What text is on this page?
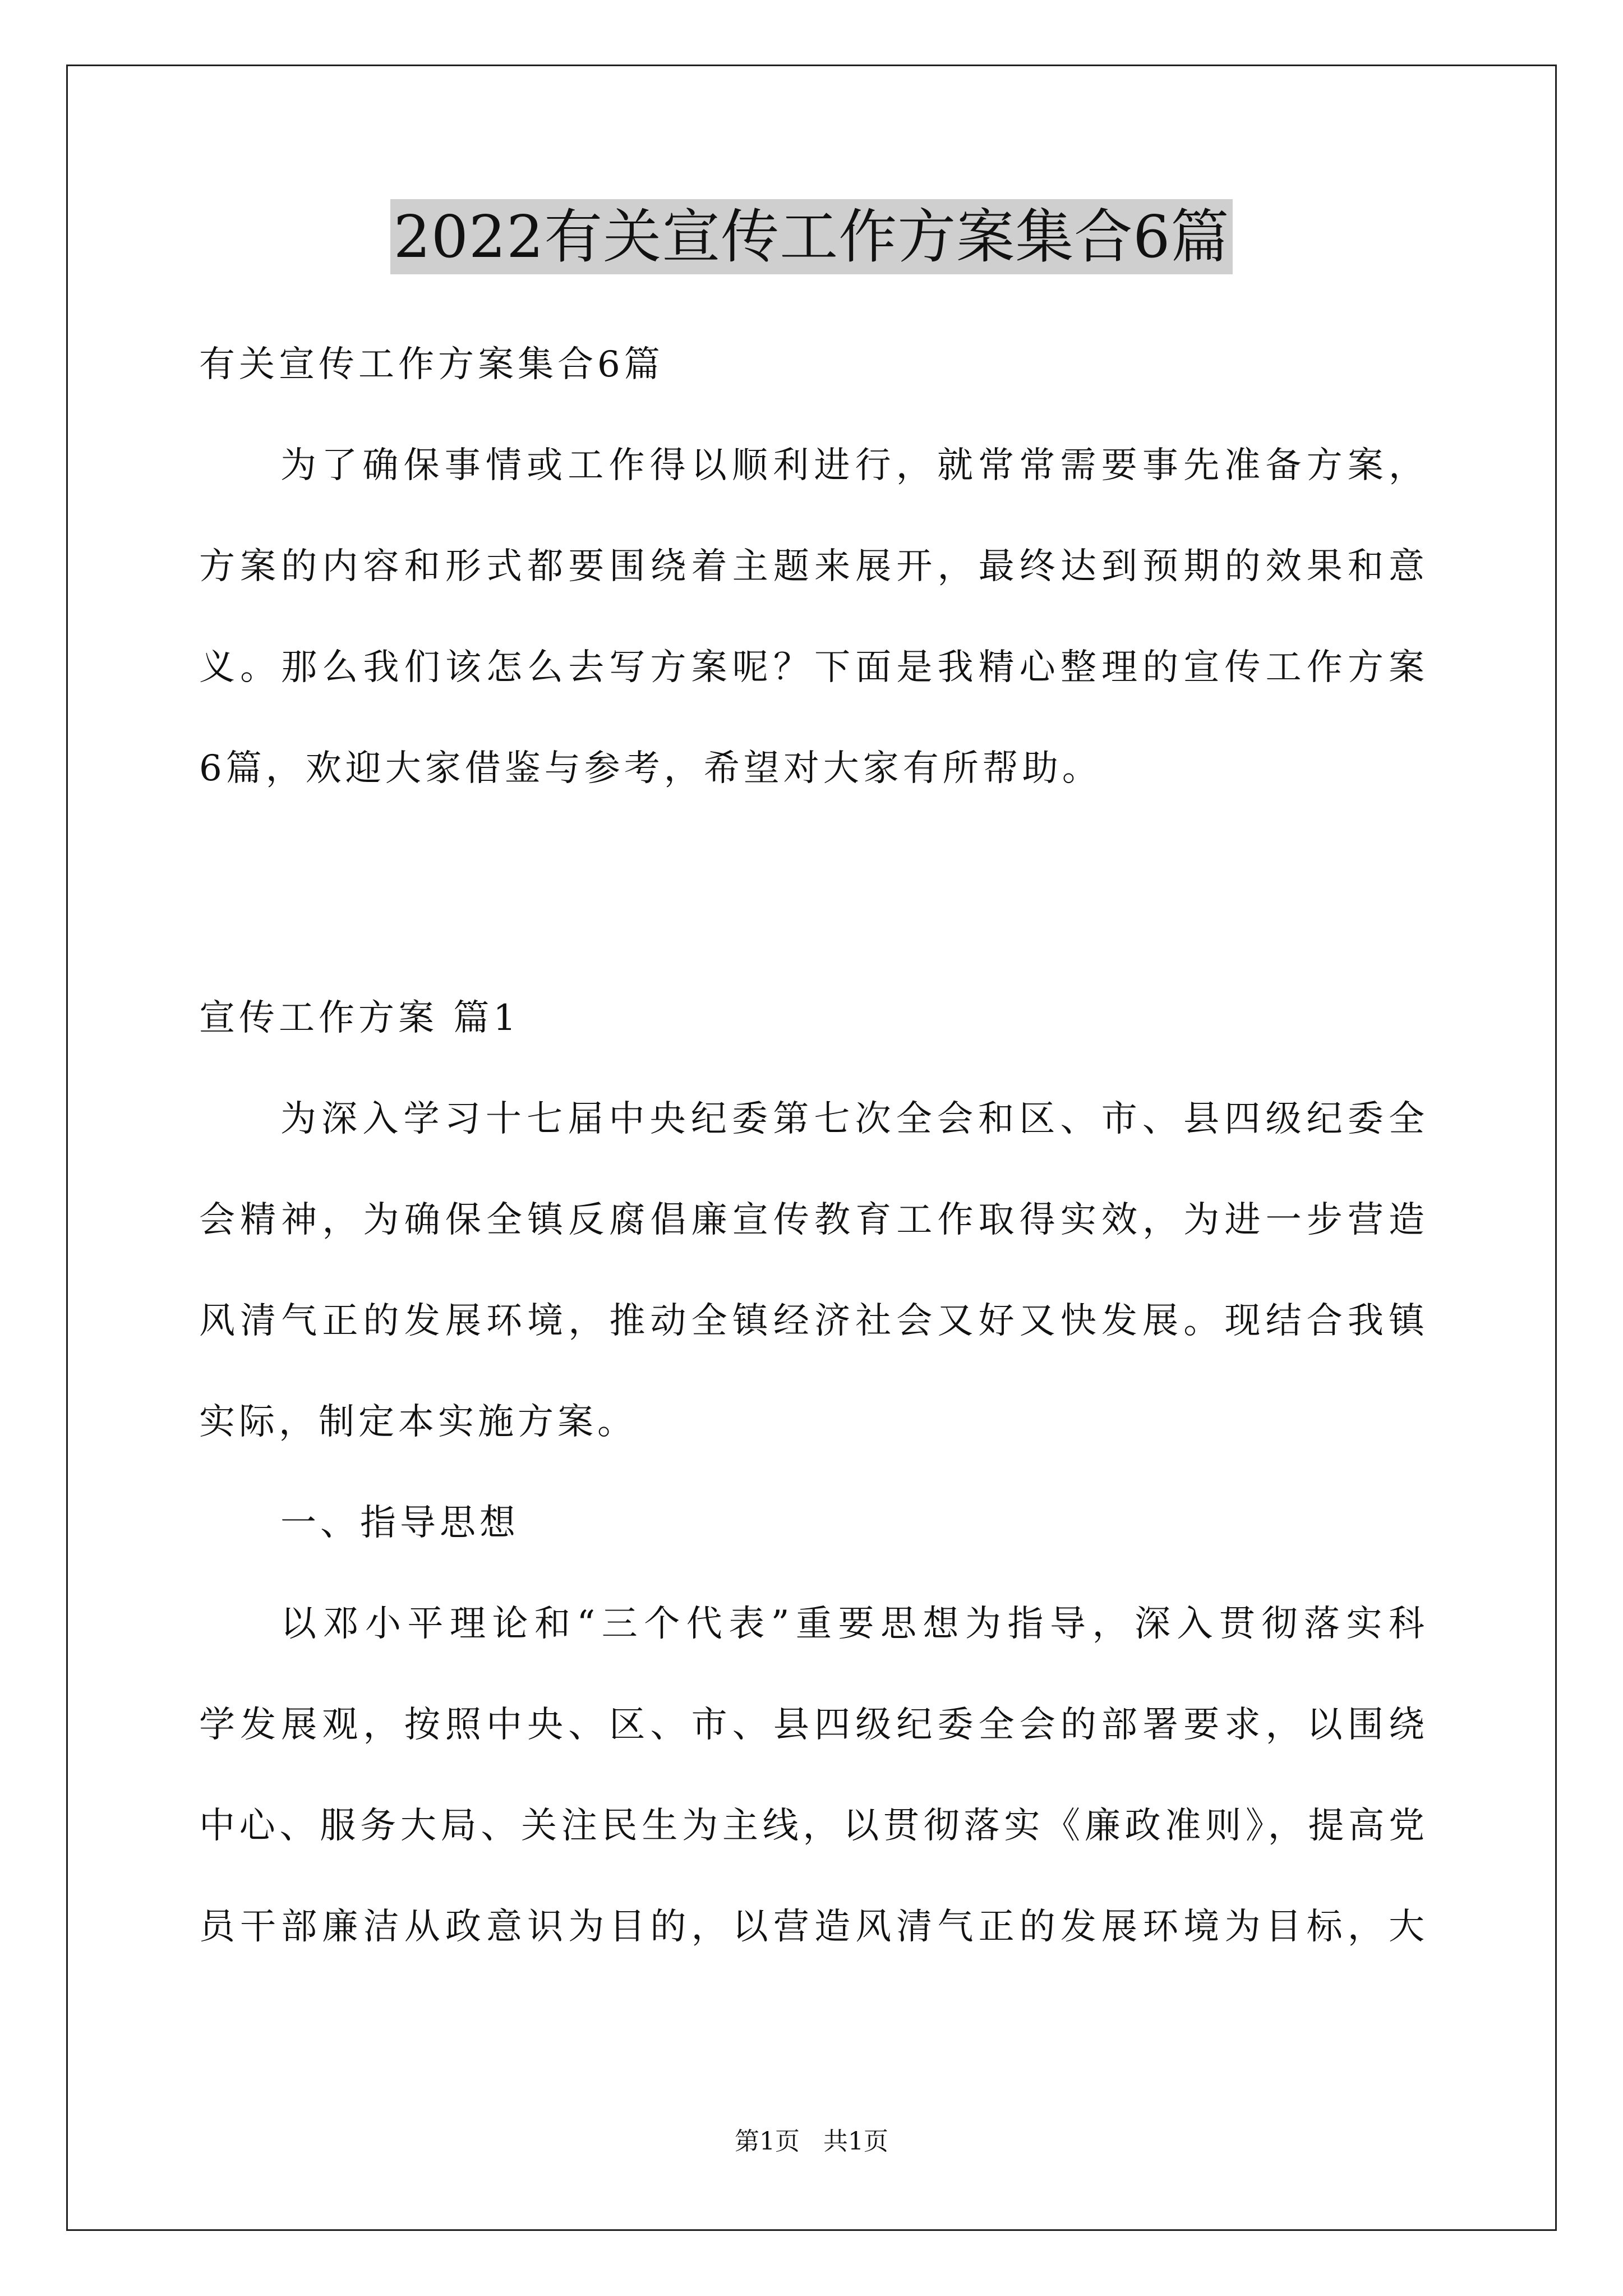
2022有关宣传工作方案集合6篇
有关宣传工作方案集合6篇
为了确保事情或工作得以顺利进行，就常常需要事先准备方案，
方案的内容和形式都要围绕着主题来展开，最终达到预期的效果和意
义。那么我们该怎么去写方案呢？下面是我精心整理的宣传工作方案
6篇，欢迎大家借鉴与参考，希望对大家有所帮助。
宣传工作方案 篇1
为深入学习十七届中央纪委第七次全会和区、市、县四级纪委全
会精神，为确保全镇反腐倡廉宣传教育工作取得实效，为进一步营造
风清气正的发展环境，推动全镇经济社会又好又快发展。现结合我镇
实际，制定本实施方案。
一、指导思想
以邓小平理论和“三个代表”重要思想为指导，深入贯彻落实科
学发展观，按照中央、区、市、县四级纪委全会的部署要求，以围绕
中心、服务大局、关注民生为主线，以贯彻落实《廉政准则》，提高党
员干部廉洁从政意识为目的，以营造风清气正的发展环境为目标，大
第1页   共1页
